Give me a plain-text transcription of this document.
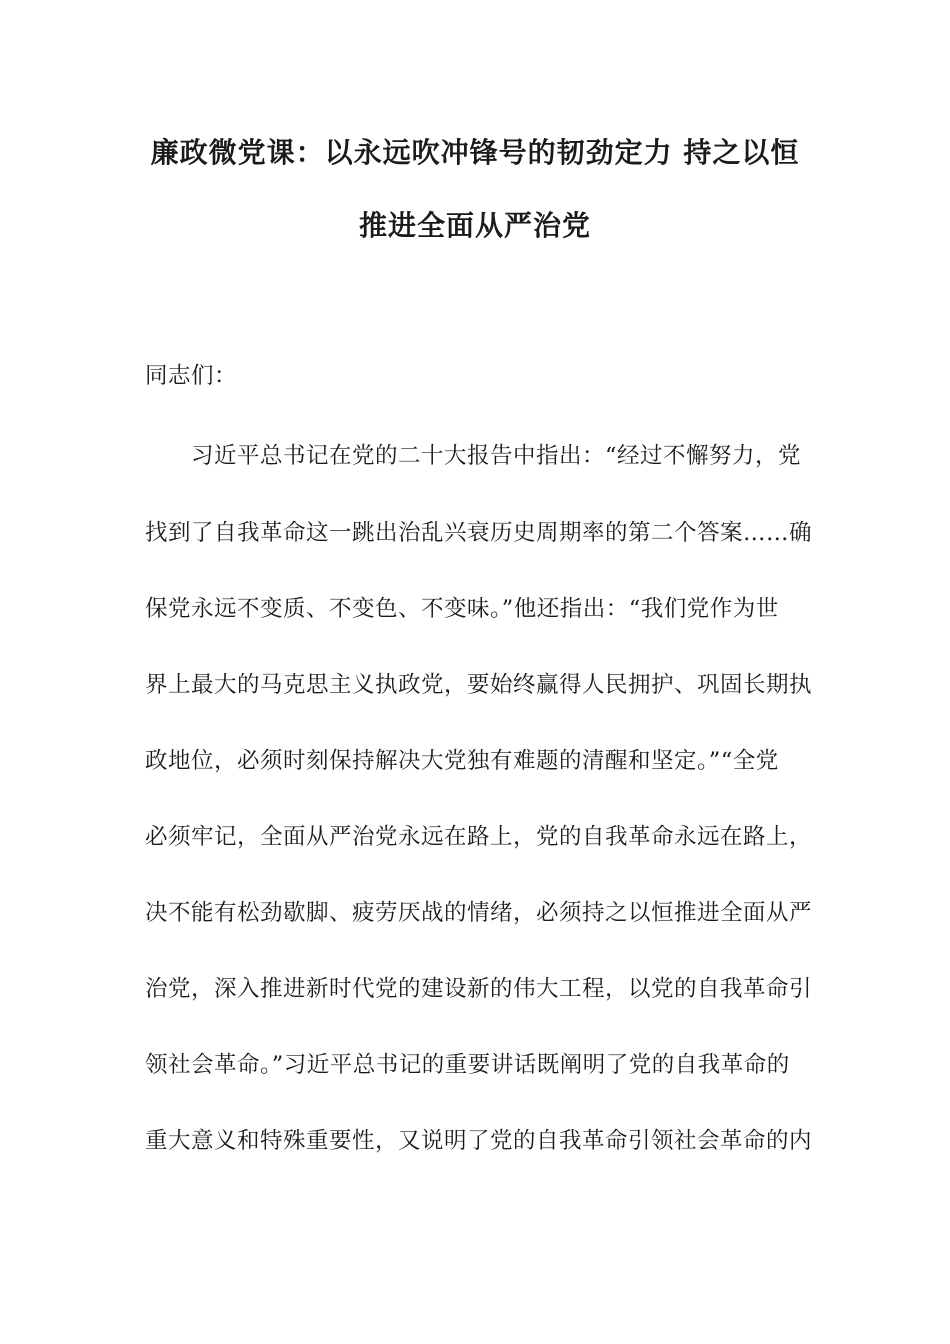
廉政微党课：以永远吹冲锋号的韧劲定力 持之以恒
推进全面从严治党
同志们：
　　习近平总书记在党的二十大报告中指出：“经过不懈努力，党
找到了自我革命这一跳出治乱兴衰历史周期率的第二个答案……确
保党永远不变质、不变色、不变味。”他还指出：“我们党作为世
界上最大的马克思主义执政党，要始终赢得人民拥护、巩固长期执
政地位，必须时刻保持解决大党独有难题的清醒和坚定。”“全党
必须牢记，全面从严治党永远在路上，党的自我革命永远在路上，
决不能有松劲歇脚、疲劳厌战的情绪，必须持之以恒推进全面从严
治党，深入推进新时代党的建设新的伟大工程，以党的自我革命引
领社会革命。”习近平总书记的重要讲话既阐明了党的自我革命的
重大意义和特殊重要性，又说明了党的自我革命引领社会革命的内
